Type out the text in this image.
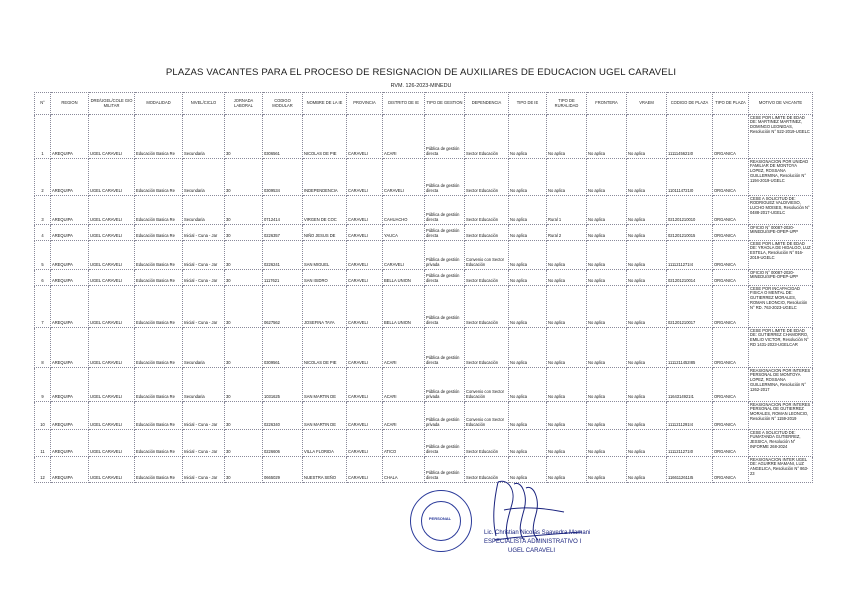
PLAZAS VACANTES PARA EL PROCESO DE RESIGNACION DE AUXILIARES DE EDUCACION UGEL CARAVELI
RVM. 126-2023-MINEDU
N°	REGION	DRE/UGEL/COLE GIO MILITAR	MODALIDAD	NIVEL/CICLO	JORNADA LABORAL	CODIGO MODULAR	NOMBRE DE LA IE	PROVINCIA	DISTRITO DE IE	TIPO DE GESTION	DEPENDENCIA	TIPO DE IE	TIPO DE RURALIDAD	FRONTERA	VRAEM	CODIGO DE PLAZA	TIPO DE PLAZA	MOTIVO DE VACANTE
1	AREQUIPA	UGEL CARAVELI	Educación Basica Re	Secundaria	30	0306561	NICOLAS DE PIE	CARAVELI	ACARI	Pública de gestión directa	Sector Educación	No aplica	No aplica	No aplica	No aplica	1111145621I0	ORGANICA	CESE POR LIMITE DE EDAD DE: MARTINEZ MARTINEZ, DOMINGO LEONIDAS, Resolución N° 522-2019-UGELC
2	AREQUIPA	UGEL CARAVELI	Educación Basica Re	Secundaria	30	0309534	INDEPENDENCIA	CARAVELI	CARAVELI	Pública de gestión directa	Sector Educación	No aplica	No aplica	No aplica	No aplica	1101114721I0	ORGANICA	REASIGNACION POR UNIDAD FAMILIAR DE MONTOYA LOPEZ, ROSSANA GUILLERMINA, Resolución N° 1194-2019-UGELC
3	AREQUIPA	UGEL CARAVELI	Educación Basica Re	Secundaria	30	0712414	VIRGEN DE COC	CARAVELI	CAHUACHO	Pública de gestión directa	Sector Educación	No aplica	Rural 1	No aplica	No aplica	021201210010	ORGANICA	CESE A SOLICITUD DE: RODRIGUEZ VALDIVIESO, LUCHO MOISES, Resolución N° 0488-2017-UGELC
4	AREQUIPA	UGEL CARAVELI	Educación Basica Re	Inicial - Cuna - Jar	30	0226357	NIÑO JESUS DE	CARAVELI	YAUCA	Pública de gestión directa	Sector Educación	No aplica	Rural 2	No aplica	No aplica	021201210015	ORGANICA	OFICIO N° 00087-2020-MINEDU/SPE-OPEP-UPP
5	AREQUIPA	UGEL CARAVELI	Educación Basica Re	Inicial - Cuna - Jar	30	0226241	SAN MIGUEL	CARAVELI	CARAVELI	Pública de gestión privada	Convenio con Sector Educación	No aplica	No aplica	No aplica	No aplica	1111211271I4	ORGANICA	CESE POR LIMITE DE EDAD DE: YRAOLA DE HIDALGO, LUZ ESTELA, Resolución N° 916-2019-UGELC
6	AREQUIPA	UGEL CARAVELI	Educación Basica Re	Inicial - Cuna - Jar	30	1117621	SAN ISIDRO	CARAVELI	BELLA UNION	Pública de gestión directa	Sector Educación	No aplica	No aplica	No aplica	No aplica	021201210014	ORGANICA	OFICIO N° 00087-2020-MINEDU/SPE-OPEP-UPP
7	AREQUIPA	UGEL CARAVELI	Educación Basica Re	Inicial - Cuna - Jar	30	0627562	JOSEFINA TAYA	CARAVELI	BELLA UNION	Pública de gestión directa	Sector Educación	No aplica	No aplica	No aplica	No aplica	021201210017	ORGANICA	CESE POR INCAPACIDAD FISICA O MENTAL DE: GUTIERREZ MORALES, ROMAN LEONCIO, Resolución N° RD. 763-2023-UGELC
8	AREQUIPA	UGEL CARAVELI	Educación Basica Re	Secundaria	30	0309561	NICOLAS DE PIE	CARAVELI	ACARI	Pública de gestión directa	Sector Educación	No aplica	No aplica	No aplica	No aplica	1111211452I85	ORGANICA	CESE POR LIMITE DE EDAD DE: GUTIERREZ CHAMORRO, EMILIO VICTOR, Resolución N° RD 1431-2023-UGELCAR
9	AREQUIPA	UGEL CARAVELI	Educación Basica Re	Secundaria	30	1031625	SAN MARTIN DE	CARAVELI	ACARI	Pública de gestión privada	Convenio con Sector Educación	No aplica	No aplica	No aplica	No aplica	1164314921I1	ORGANICA	REASIGNACION POR INTERES PERSONAL DE MONTOYA LOPEZ, ROSSANA GUILLERMINA, Resolución N° 1262-2017
10	AREQUIPA	UGEL CARAVELI	Educación Basica Re	Inicial - Cuna - Jar	30	0226340	SAN MARTIN DE	CARAVELI	ACARI	Pública de gestión privada	Convenio con Sector Educación	No aplica	No aplica	No aplica	No aplica	1111211291I4	ORGANICA	REASIGNACION POR INTERES PERSONAL DE GUTIERREZ MORALES, ROMAN LEONCIO, Resolución N° 1159-2019
11	AREQUIPA	UGEL CARAVELI	Educación Basica Re	Inicial - Cuna - Jar	30	0226606	VILLA FLORIDA	CARAVELI	ATICO	Pública de gestión directa	Sector Educación	No aplica	No aplica	No aplica	No aplica	1111211271I0	ORGANICA	CESE A SOLICITUD DE: FUMATANDA GUTIERREZ, JESSICA, Resolución N° INFORME 268-2024
12	AREQUIPA	UGEL CARAVELI	Educación Basica Re	Inicial - Cuna - Jar	30	0665029	NUESTRA SEÑO	CARAVELI	CHALA	Pública de gestión directa	Sector Educación	No aplica	No aplica	No aplica	No aplica	1166112611I5	ORGANICA	REASIGNACION INTER UGEL DE: AGUIRRE MAMANI, LUZ ANGELICA, Resolución N° 863-23
PERSONAL
Lic. Christian Nicolás Saavedra Mamani
ESPECIALISTA ADMINISTRATIVO I
UGEL CARAVELI
